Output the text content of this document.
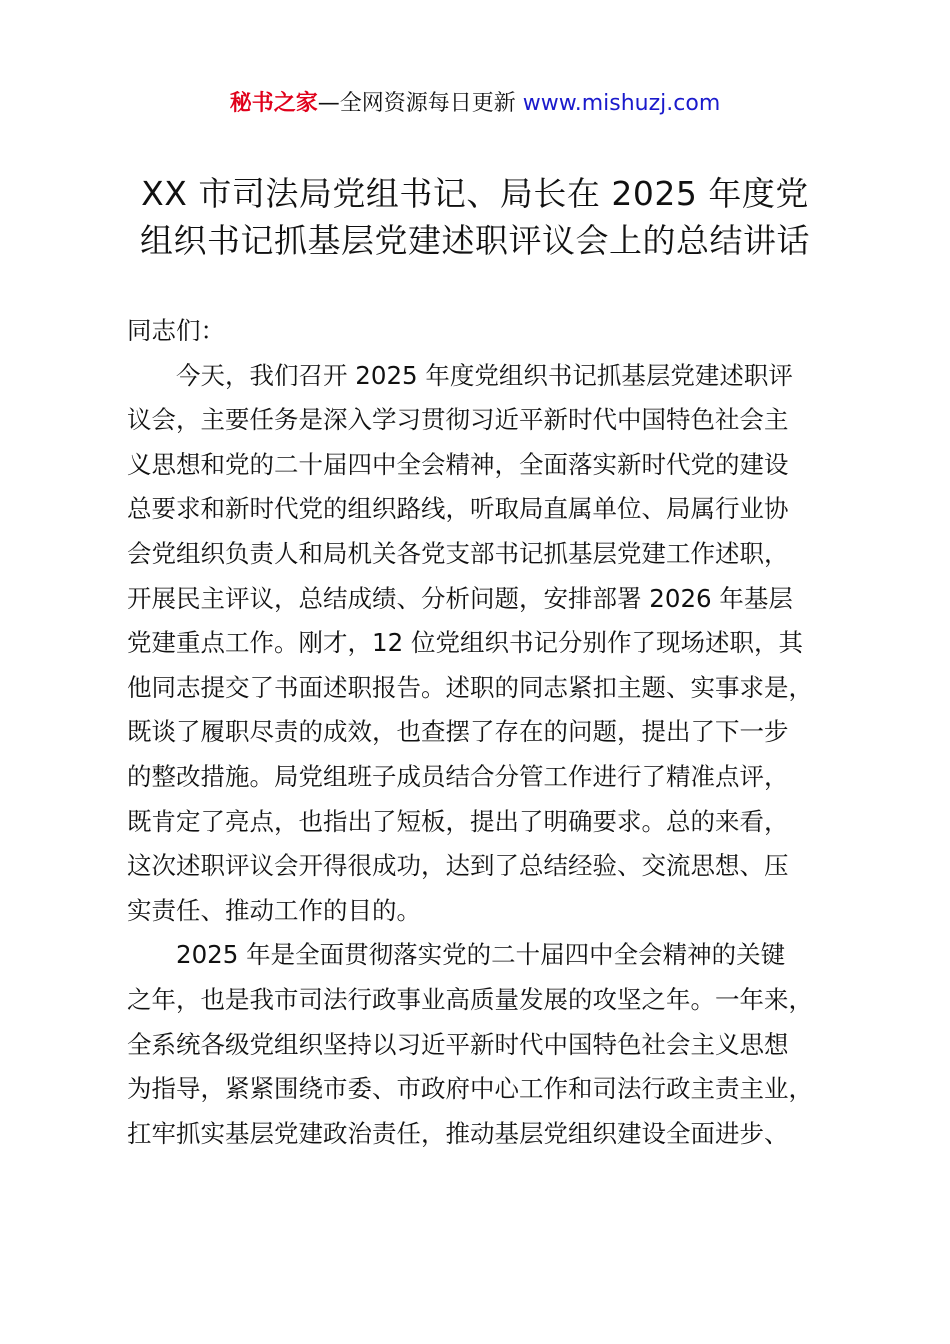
秘书之家—全网资源每日更新 www.mishuzj.com
XX 市司法局党组书记、局长在 2025 年度党
组织书记抓基层党建述职评议会上的总结讲话
同志们：
今天，我们召开 2025 年度党组织书记抓基层党建述职评
议会，主要任务是深入学习贯彻习近平新时代中国特色社会主
义思想和党的二十届四中全会精神，全面落实新时代党的建设
总要求和新时代党的组织路线，听取局直属单位、局属行业协
会党组织负责人和局机关各党支部书记抓基层党建工作述职，
开展民主评议，总结成绩、分析问题，安排部署 2026 年基层
党建重点工作。刚才，12 位党组织书记分别作了现场述职，其
他同志提交了书面述职报告。述职的同志紧扣主题、实事求是，
既谈了履职尽责的成效，也查摆了存在的问题，提出了下一步
的整改措施。局党组班子成员结合分管工作进行了精准点评，
既肯定了亮点，也指出了短板，提出了明确要求。总的来看，
这次述职评议会开得很成功，达到了总结经验、交流思想、压
实责任、推动工作的目的。
2025 年是全面贯彻落实党的二十届四中全会精神的关键
之年，也是我市司法行政事业高质量发展的攻坚之年。一年来，
全系统各级党组织坚持以习近平新时代中国特色社会主义思想
为指导，紧紧围绕市委、市政府中心工作和司法行政主责主业，
扛牢抓实基层党建政治责任，推动基层党组织建设全面进步、
